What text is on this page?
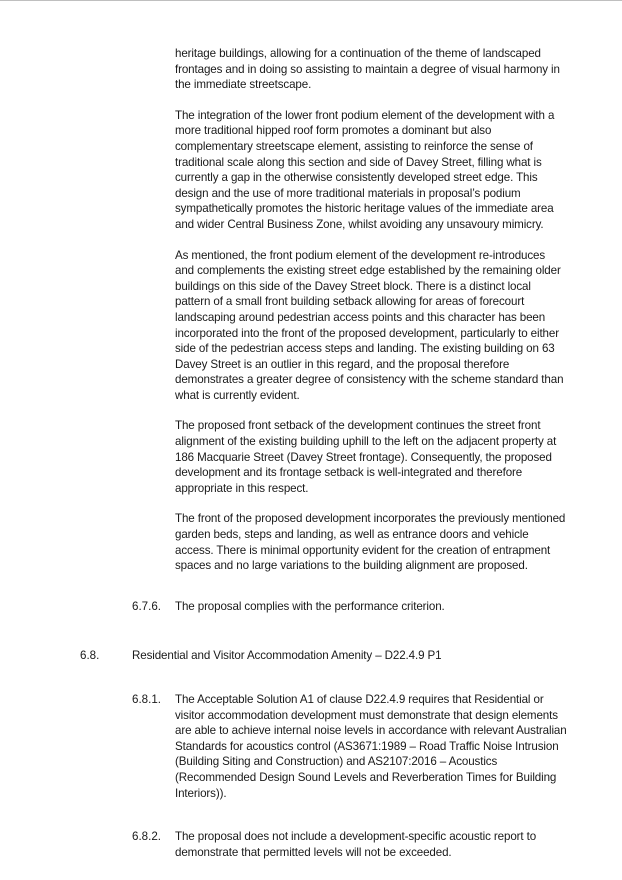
heritage buildings, allowing for a continuation of the theme of landscaped frontages and in doing so assisting to maintain a degree of visual harmony in the immediate streetscape.

The integration of the lower front podium element of the development with a more traditional hipped roof form promotes a dominant but also complementary streetscape element, assisting to reinforce the sense of traditional scale along this section and side of Davey Street, filling what is currently a gap in the otherwise consistently developed street edge. This design and the use of more traditional materials in proposal’s podium sympathetically promotes the historic heritage values of the immediate area and wider Central Business Zone, whilst avoiding any unsavoury mimicry.

As mentioned, the front podium element of the development re-introduces and complements the existing street edge established by the remaining older buildings on this side of the Davey Street block. There is a distinct local pattern of a small front building setback allowing for areas of forecourt landscaping around pedestrian access points and this character has been incorporated into the front of the proposed development, particularly to either side of the pedestrian access steps and landing. The existing building on 63 Davey Street is an outlier in this regard, and the proposal therefore demonstrates a greater degree of consistency with the scheme standard than what is currently evident.

The proposed front setback of the development continues the street front alignment of the existing building uphill to the left on the adjacent property at 186 Macquarie Street (Davey Street frontage). Consequently, the proposed development and its frontage setback is well-integrated and therefore appropriate in this respect.

The front of the proposed development incorporates the previously mentioned garden beds, steps and landing, as well as entrance doors and vehicle access. There is minimal opportunity evident for the creation of entrapment spaces and no large variations to the building alignment are proposed.

6.7.6.	The proposal complies with the performance criterion.
6.8.	Residential and Visitor Accommodation Amenity – D22.4.9 P1
6.8.1.	The Acceptable Solution A1 of clause D22.4.9 requires that Residential or visitor accommodation development must demonstrate that design elements are able to achieve internal noise levels in accordance with relevant Australian Standards for acoustics control (AS3671:1989 – Road Traffic Noise Intrusion (Building Siting and Construction) and AS2107:2016 – Acoustics (Recommended Design Sound Levels and Reverberation Times for Building Interiors)).
6.8.2.	The proposal does not include a development-specific acoustic report to demonstrate that permitted levels will not be exceeded.
